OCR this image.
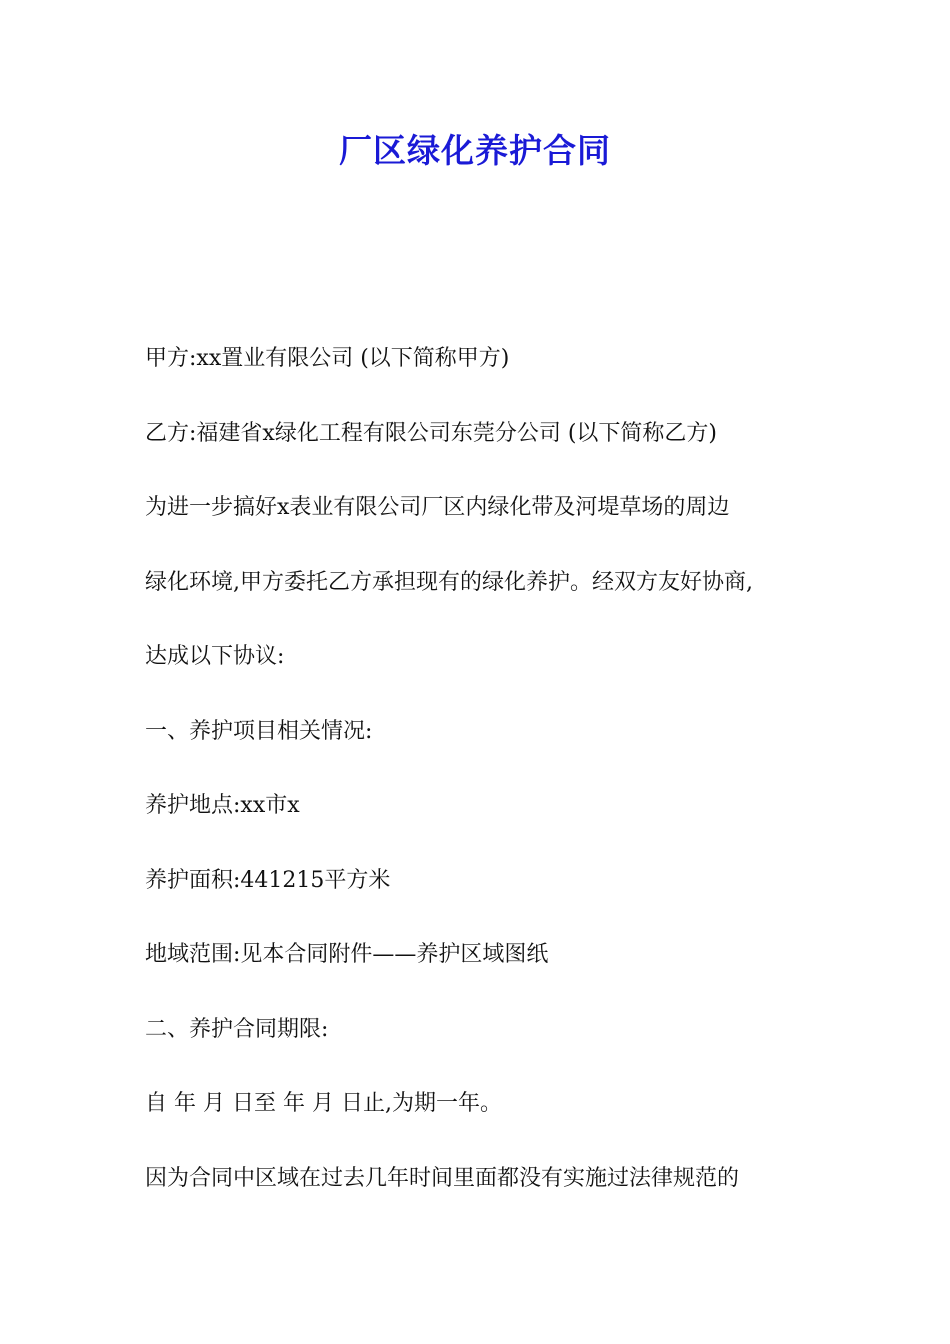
厂区绿化养护合同

甲方:xx置业有限公司 (以下简称甲方)

乙方:福建省x绿化工程有限公司东莞分公司 (以下简称乙方)

为进一步搞好x表业有限公司厂区内绿化带及河堤草场的周边

绿化环境,甲方委托乙方承担现有的绿化养护。经双方友好协商,

达成以下协议:

一、养护项目相关情况:

养护地点:xx市x

养护面积:441215平方米

地域范围:见本合同附件——养护区域图纸

二、养护合同期限:

自 年 月 日至 年 月 日止,为期一年。

因为合同中区域在过去几年时间里面都没有实施过法律规范的
